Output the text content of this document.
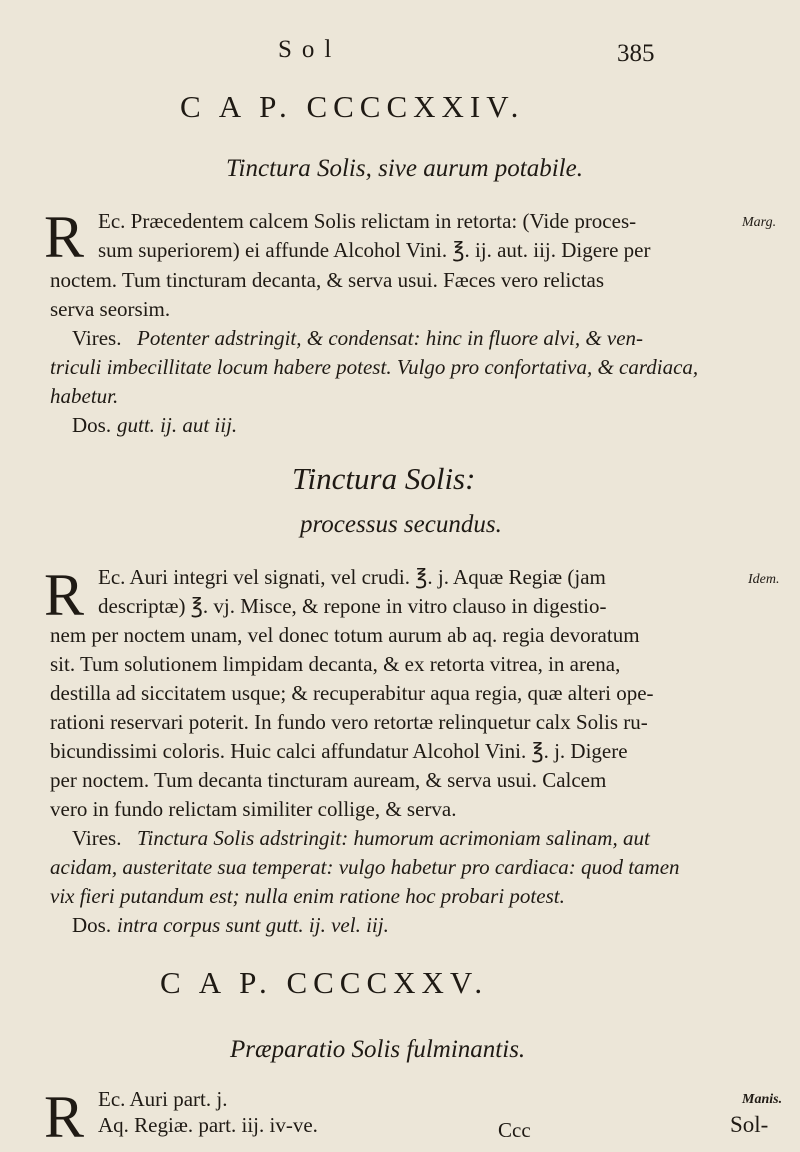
Sol	385
C A P. CCCCXXIV.
Tinctura Solis, sive aurum potabile.
R Ec. Præcedentem calcem Solis relictam in retorta: (Vide proces-
sum superiorem) ei affunde Alcohol Vini. ℥. ij. aut. iij. Digere per
noctem. Tum tincturam decanta, & serva usui. Fæces vero relictas
serva seorsim.
Vires. Potenter adstringit, & condensat: hinc in fluore alvi, & ven-
triculi imbecillitate locum habere potest. Vulgo pro confortativa, & cardiaca,
habetur.
Dos. gutt. ij. aut iij.
Tinctura Solis:
processus secundus.
R Ec. Auri integri vel signati, vel crudi. ℥. j. Aquæ Regiæ (jam
descriptæ) ℥. vj. Misce, & repone in vitro clauso in digestio-
nem per noctem unam, vel donec totum aurum ab aq. regia devoratum
sit. Tum solutionem limpidam decanta, & ex retorta vitrea, in arena,
destilla ad siccitatem usque; & recuperabitur aqua regia, quæ alteri ope-
rationi reservari poterit. In fundo vero retortæ relinquetur calx Solis ru-
bicundissimi coloris. Huic calci affundatur Alcohol Vini. ℥. j. Digere
per noctem. Tum decanta tincturam auream, & serva usui. Calcem
vero in fundo relictam similiter collige, & serva.
Vires. Tinctura Solis adstringit: humorum acrimoniam salinam, aut
acidam, austeritate sua temperat: vulgo habetur pro cardiaca: quod tamen
vix fieri putandum est; nulla enim ratione hoc probari potest.
Dos. intra corpus sunt gutt. ij. vel. iij.
C A P. CCCCXXV.
Præparatio Solis fulminantis.
R Ec. Auri part. j.
Aq. Regiæ. part. iij. iv-ve.
Marg.
Idem.
Manis.
Ccc	Sol-
